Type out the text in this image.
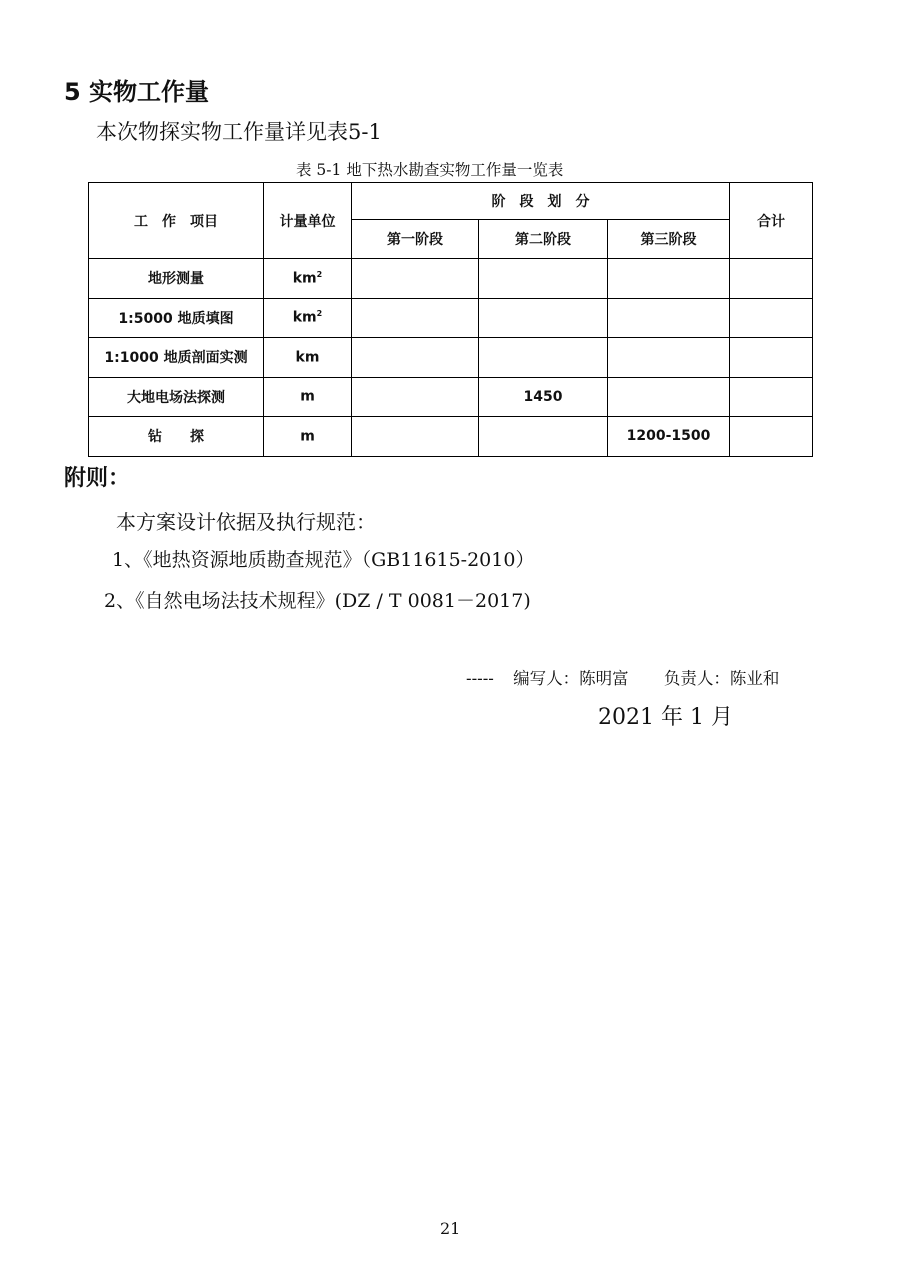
5 实物工作量
本次物探实物工作量详见表5-1
表 5-1 地下热水勘查实物工作量一览表
工　作　项目	计量单位	阶　段　划　分			合计
		第一阶段	第二阶段	第三阶段	
地形测量	$km^2$				
1:5000 地质填图	$km^2$				
1:1000 地质剖面实测	km				
大地电场法探测	m		1450		
钻　　探	m			1200-1500	
附则：
本方案设计依据及执行规范：
1、《地热资源地质勘查规范》（GB11615-2010）
2、《自然电场法技术规程》(DZ / T 0081－2017)
----- 编写人：陈明富 负责人：陈业和
2021 年 1 月
21
